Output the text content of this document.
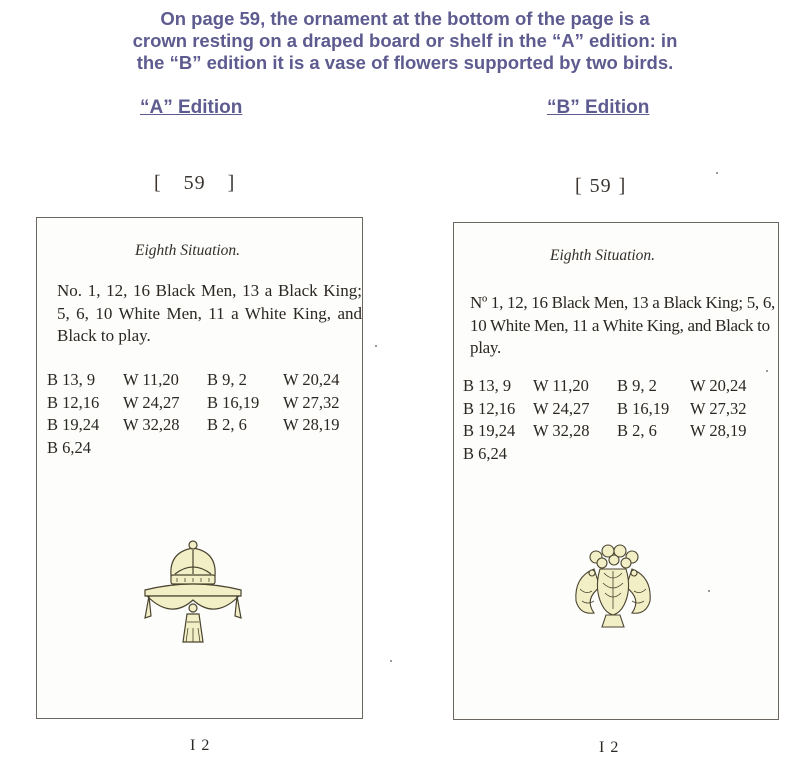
On page 59, the ornament at the bottom of the page is a
crown resting on a draped board or shelf in the “A” edition: in
the “B” edition it is a vase of flowers supported by two birds.
“A” Edition	“B” Edition
[ 59 ]	[ 59 ]
Eighth Situation.
No. 1, 12, 16 Black Men, 13 a Black King; 5, 6, 10 White Men, 11 a White King, and Black to play.
B 13, 9 W 11,20 B 9, 2 W 20,24
B 12,16 W 24,27 B 16,19 W 27,32
B 19,24 W 32,28 B 2, 6 W 28,19
B 6,24
Eighth Situation.
Nº 1, 12, 16 Black Men, 13 a Black King; 5, 6, 10 White Men, 11 a White King, and Black to play.
B 13, 9 W 11,20 B 9, 2 W 20,24
B 12,16 W 24,27 B 16,19 W 27,32
B 19,24 W 32,28 B 2, 6 W 28,19
B 6,24
I 2	I 2
